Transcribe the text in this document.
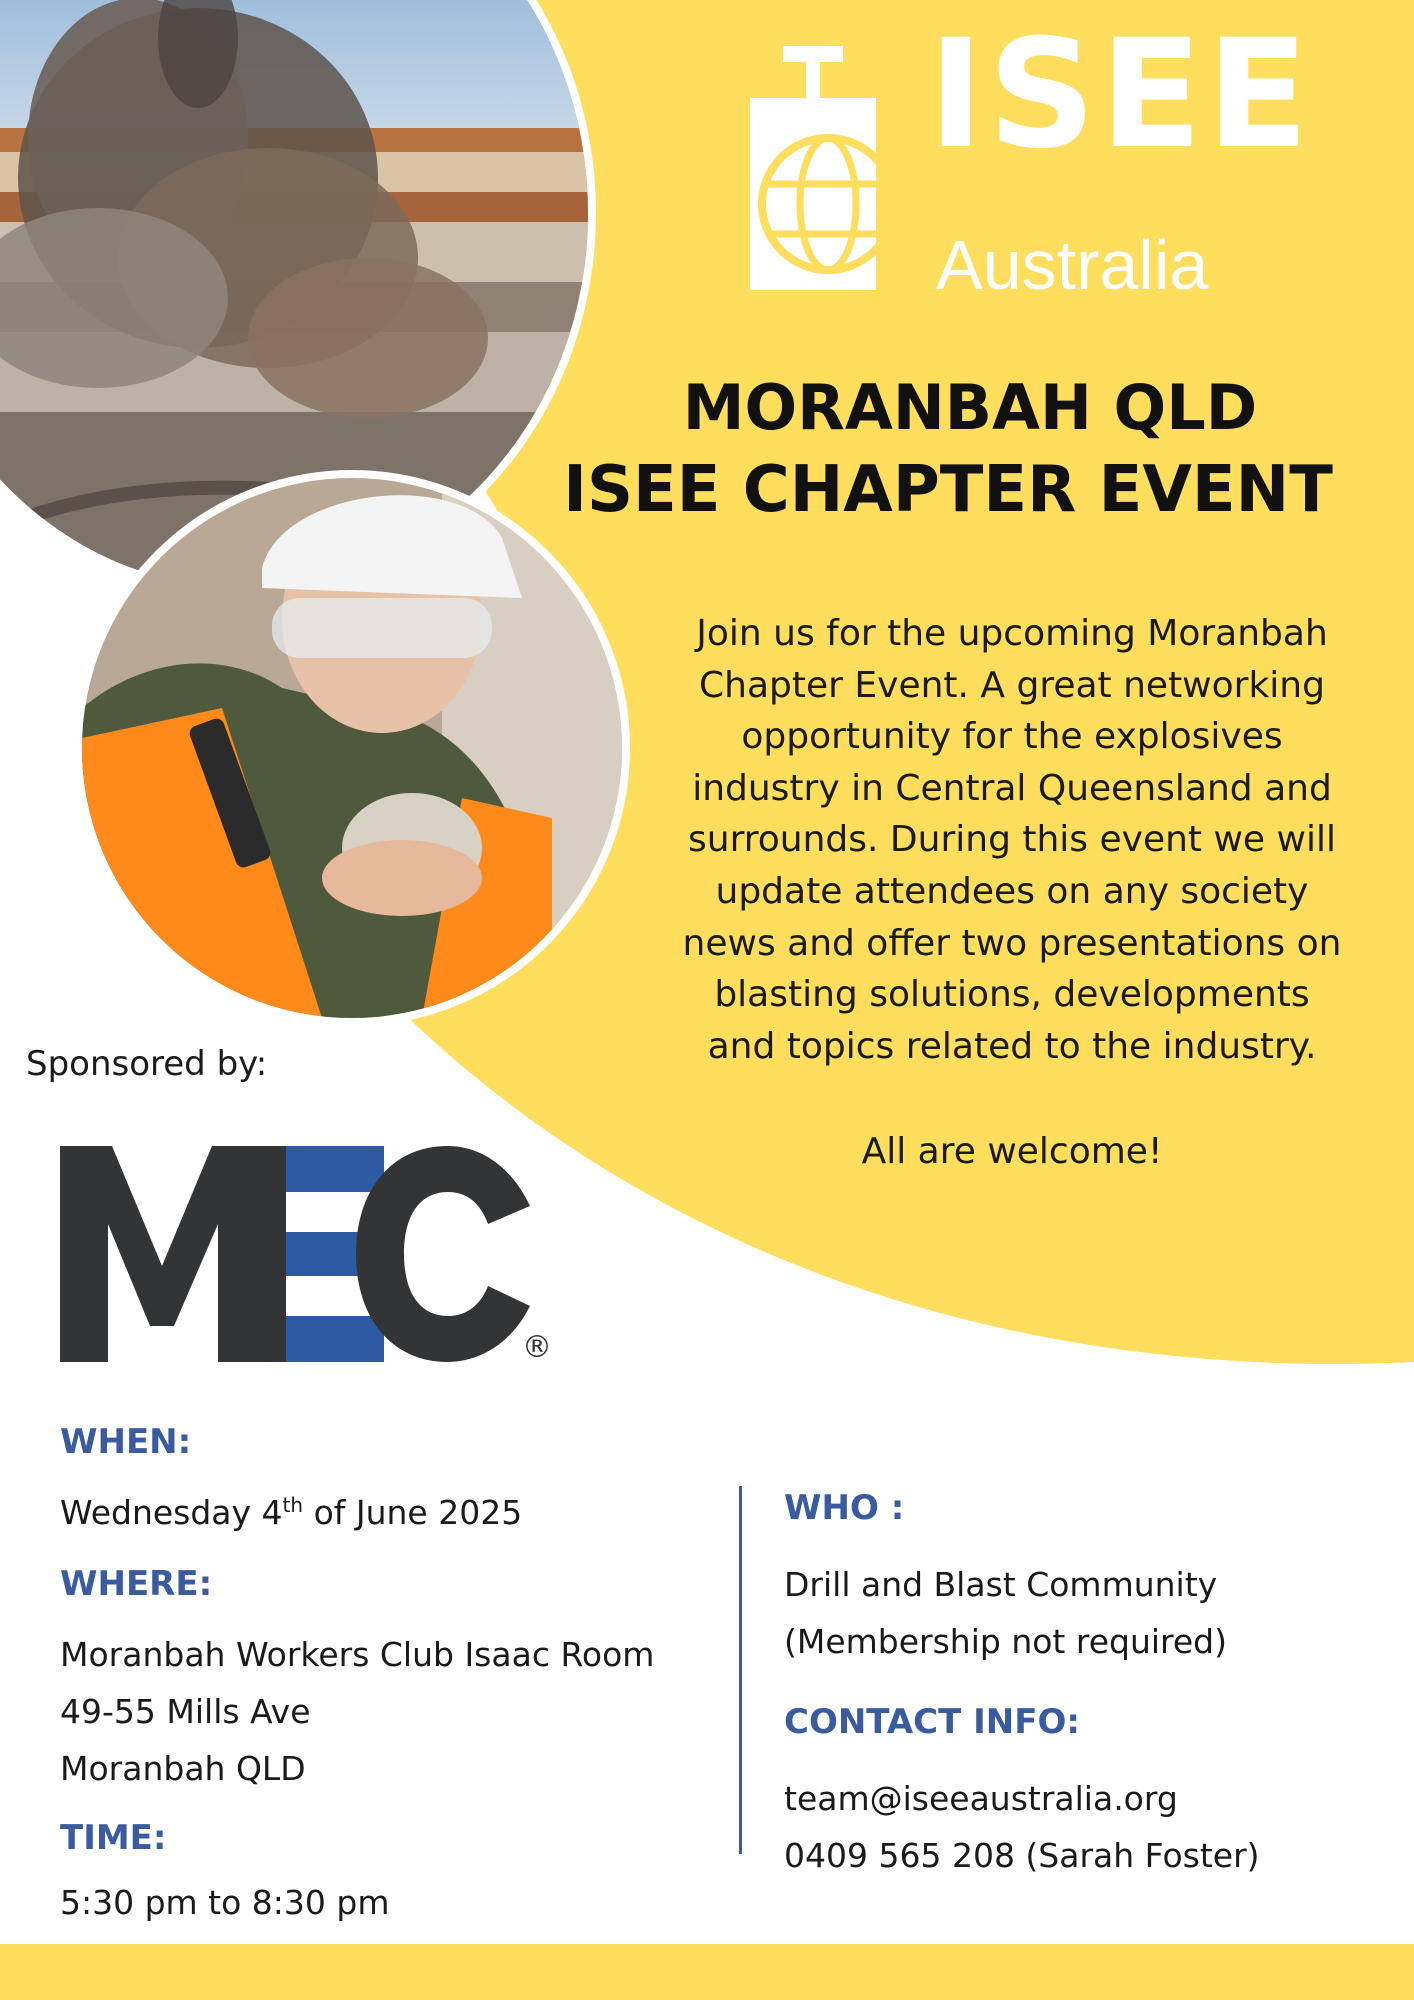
ISEE
Australia
MORANBAH QLD
ISEE CHAPTER EVENT

Join us for the upcoming Moranbah
Chapter Event. A great networking
opportunity for the explosives
industry in Central Queensland and
surrounds. During this event we will
update attendees on any society
news and offer two presentations on
blasting solutions, developments
and topics related to the industry.

All are welcome!

Sponsored by:
®
WHEN:
Wednesday 4th of June 2025
WHERE:
Moranbah Workers Club Isaac Room
49-55 Mills Ave
Moranbah QLD
TIME:
5:30 pm to 8:30 pm
WHO :
Drill and Blast Community
(Membership not required)
CONTACT INFO:
team@iseeaustralia.org
0409 565 208 (Sarah Foster)
